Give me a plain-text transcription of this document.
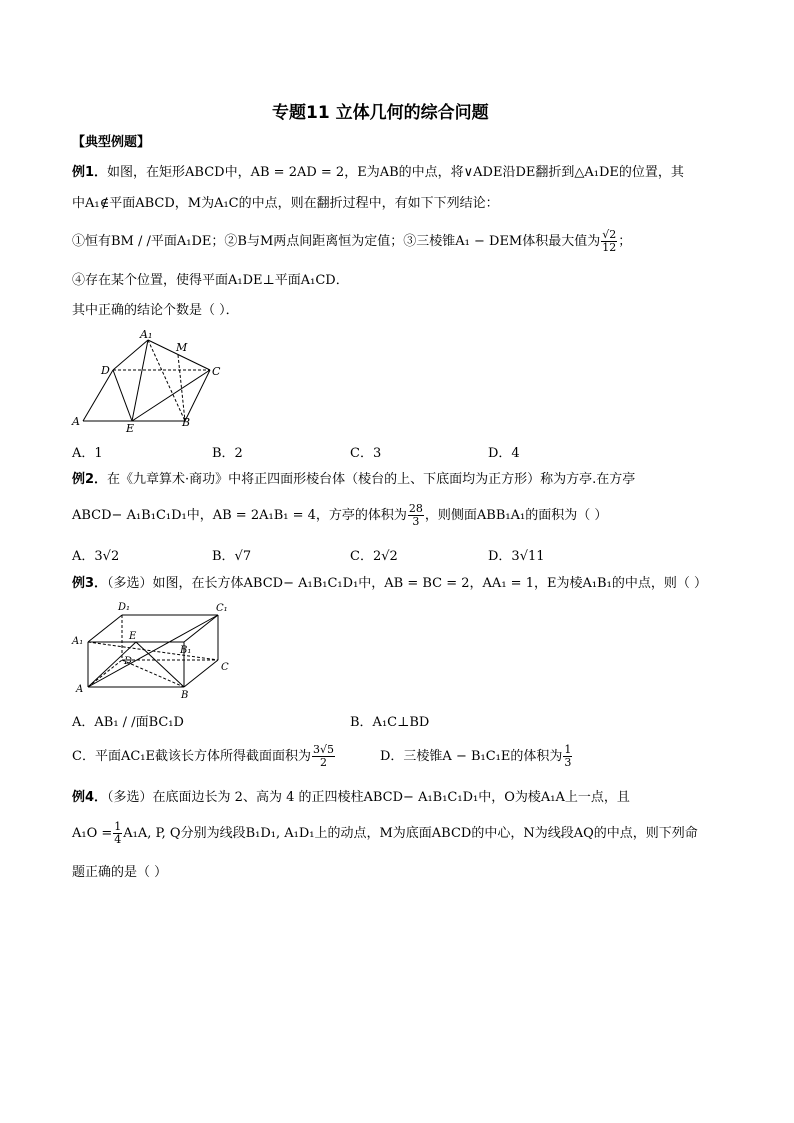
专题11 立体几何的综合问题
【典型例题】
例1．如图，在矩形ABCD中，AB = 2AD = 2，E为AB的中点，将∨ADE沿DE翻折到△A₁DE的位置，其
中A₁∉平面ABCD，M为A₁C的中点，则在翻折过程中，有如下下列结论：
①恒有BM / /平面A₁DE；②B与M两点间距离恒为定值；③三棱锥A₁ − DEM体积最大值为 $\frac{√2}{12}$ ；
④存在某个位置，使得平面A₁DE⊥平面A₁CD．
其中正确的结论个数是（ ）．
A₁
M
D	C
A
E	B
A．1	B．2	C．3	D．4
例2．在《九章算术·商功》中将正四面形棱台体（棱台的上、下底面均为正方形）称为方亭.在方亭
ABCD− A₁B₁C₁D₁中，AB = 2A₁B₁ = 4，方亭的体积为 $\frac{28}{3}$ ，则侧面ABB₁A₁的面积为（ ）
A．3√2	B．√7	C．2√2	D．3√11
例3．（多选）如图，在长方体ABCD− A₁B₁C₁D₁中，AB = BC = 2，AA₁ = 1，E为棱A₁B₁的中点，则（ ）
D₁	C₁
A₁	E
B₁
D
C
A
B
A．AB₁ / /面BC₁D	B．A₁C⊥BD
C．平面AC₁E截该长方体所得截面面积为 $\frac{3√5}{2}$	D．三棱锥A − B₁C₁E的体积为 $\frac{1}{3}$
例4．（多选）在底面边长为 2、高为 4 的正四棱柱ABCD− A₁B₁C₁D₁中，O为棱A₁A上一点，且
$A_1O = \frac{1}{4} A_1A$, P, Q分别为线段B₁D₁, A₁D₁上的动点，M为底面ABCD的中心，N为线段AQ的中点，则下列命
题正确的是（ ）
